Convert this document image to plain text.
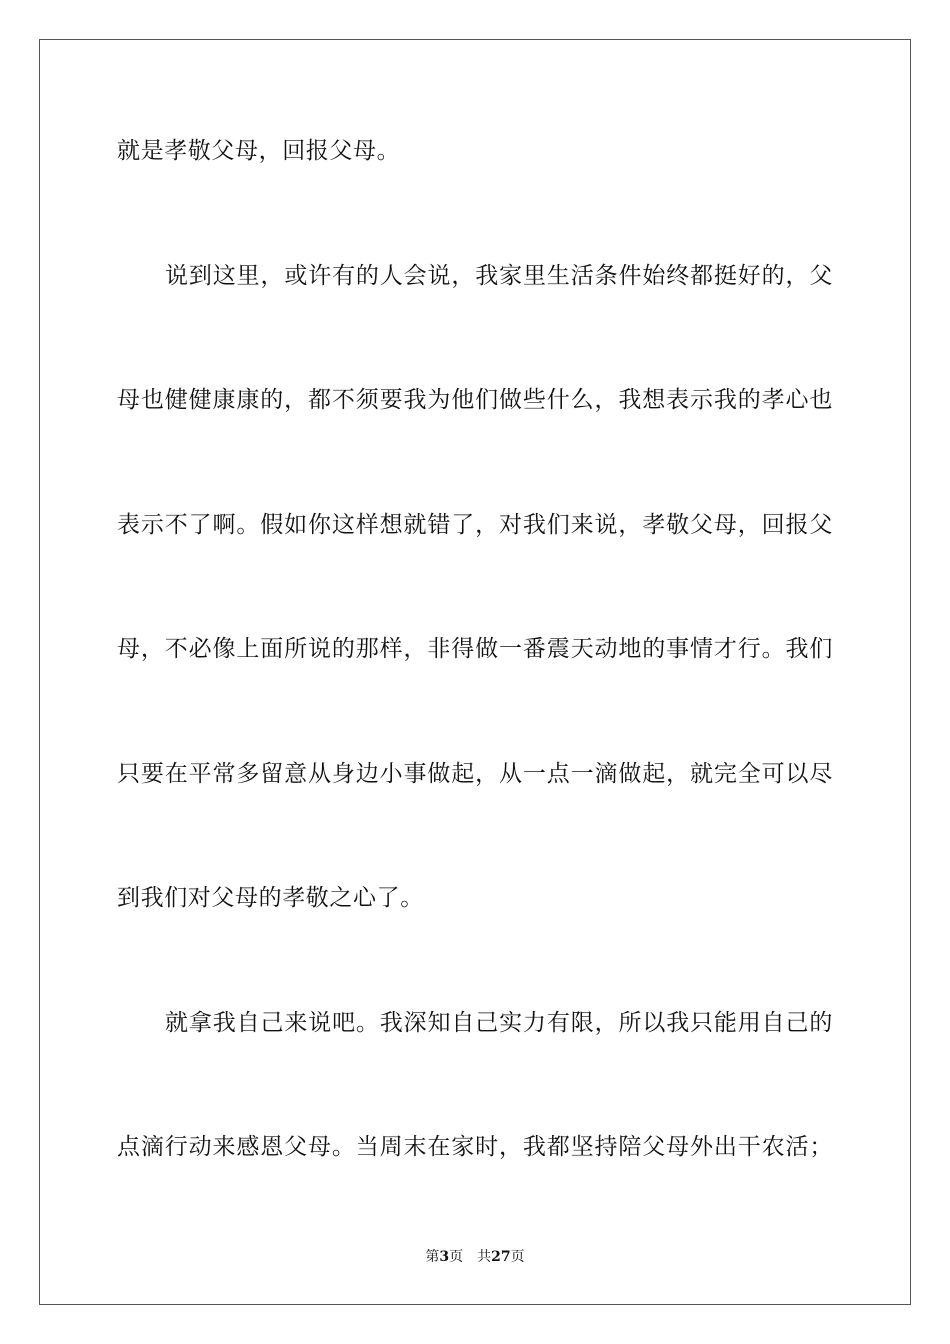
就是孝敬父母，回报父母。
说到这里，或许有的人会说，我家里生活条件始终都挺好的，父
母也健健康康的，都不须要我为他们做些什么，我想表示我的孝心也
表示不了啊。假如你这样想就错了，对我们来说，孝敬父母，回报父
母，不必像上面所说的那样，非得做一番震天动地的事情才行。我们
只要在平常多留意从身边小事做起，从一点一滴做起，就完全可以尽
到我们对父母的孝敬之心了。
就拿我自己来说吧。我深知自己实力有限，所以我只能用自己的
点滴行动来感恩父母。当周末在家时，我都坚持陪父母外出干农活；
第3页 共27页
